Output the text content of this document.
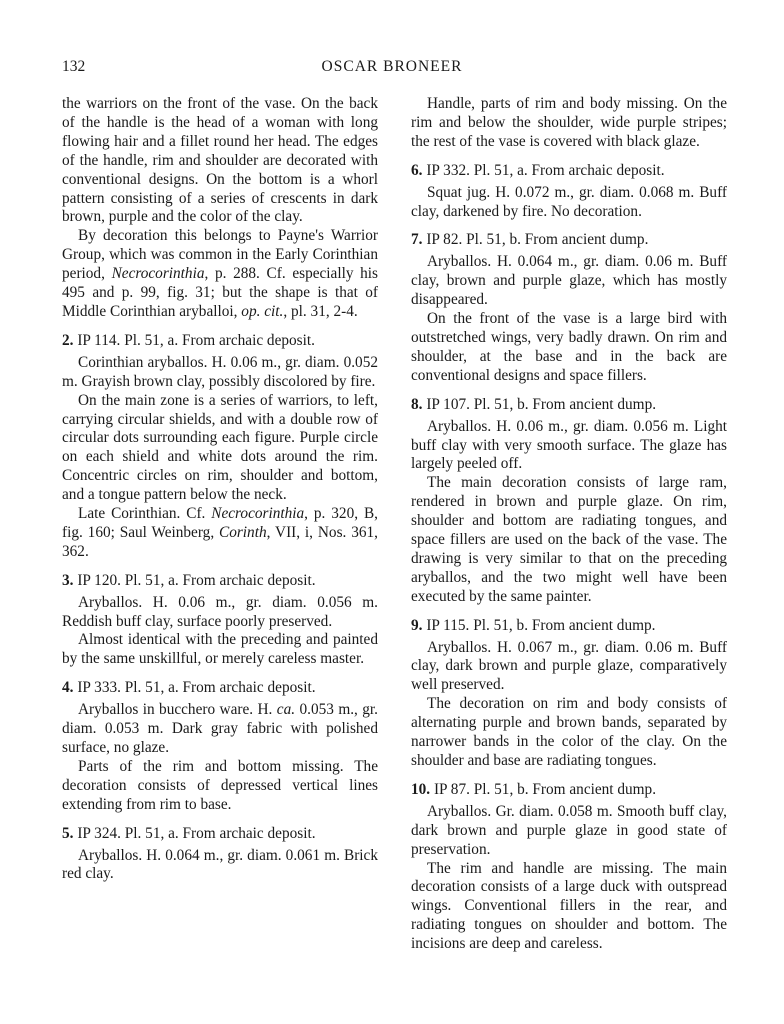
132	OSCAR BRONEER

the warriors on the front of the vase. On the back of the handle is the head of a woman with long flowing hair and a fillet round her head. The edges of the handle, rim and shoulder are decorated with conventional designs. On the bottom is a whorl pattern consisting of a series of crescents in dark brown, purple and the color of the clay.

By decoration this belongs to Payne's Warrior Group, which was common in the Early Corinthian period, Necrocorinthia, p. 288. Cf. especially his 495 and p. 99, fig. 31; but the shape is that of Middle Corinthian aryballoi, op. cit., pl. 31, 2-4.

2. IP 114. Pl. 51, a. From archaic deposit.

Corinthian aryballos. H. 0.06 m., gr. diam. 0.052 m. Grayish brown clay, possibly discolored by fire.

On the main zone is a series of warriors, to left, carrying circular shields, and with a double row of circular dots surrounding each figure. Purple circle on each shield and white dots around the rim. Concentric circles on rim, shoulder and bottom, and a tongue pattern below the neck.

Late Corinthian. Cf. Necrocorinthia, p. 320, B, fig. 160; Saul Weinberg, Corinth, VII, i, Nos. 361, 362.

3. IP 120. Pl. 51, a. From archaic deposit.

Aryballos. H. 0.06 m., gr. diam. 0.056 m. Reddish buff clay, surface poorly preserved.

Almost identical with the preceding and painted by the same unskillful, or merely careless master.

4. IP 333. Pl. 51, a. From archaic deposit.

Aryballos in bucchero ware. H. ca. 0.053 m., gr. diam. 0.053 m. Dark gray fabric with polished surface, no glaze.

Parts of the rim and bottom missing. The decoration consists of depressed vertical lines extending from rim to base.

5. IP 324. Pl. 51, a. From archaic deposit.

Aryballos. H. 0.064 m., gr. diam. 0.061 m. Brick red clay.

Handle, parts of rim and body missing. On the rim and below the shoulder, wide purple stripes; the rest of the vase is covered with black glaze.

6. IP 332. Pl. 51, a. From archaic deposit.

Squat jug. H. 0.072 m., gr. diam. 0.068 m. Buff clay, darkened by fire. No decoration.

7. IP 82. Pl. 51, b. From ancient dump.

Aryballos. H. 0.064 m., gr. diam. 0.06 m. Buff clay, brown and purple glaze, which has mostly disappeared.

On the front of the vase is a large bird with outstretched wings, very badly drawn. On rim and shoulder, at the base and in the back are conventional designs and space fillers.

8. IP 107. Pl. 51, b. From ancient dump.

Aryballos. H. 0.06 m., gr. diam. 0.056 m. Light buff clay with very smooth surface. The glaze has largely peeled off.

The main decoration consists of large ram, rendered in brown and purple glaze. On rim, shoulder and bottom are radiating tongues, and space fillers are used on the back of the vase. The drawing is very similar to that on the preceding aryballos, and the two might well have been executed by the same painter.

9. IP 115. Pl. 51, b. From ancient dump.

Aryballos. H. 0.067 m., gr. diam. 0.06 m. Buff clay, dark brown and purple glaze, comparatively well preserved.

The decoration on rim and body consists of alternating purple and brown bands, separated by narrower bands in the color of the clay. On the shoulder and base are radiating tongues.

10. IP 87. Pl. 51, b. From ancient dump.

Aryballos. Gr. diam. 0.058 m. Smooth buff clay, dark brown and purple glaze in good state of preservation.

The rim and handle are missing. The main decoration consists of a large duck with outspread wings. Conventional fillers in the rear, and radiating tongues on shoulder and bottom. The incisions are deep and careless.
